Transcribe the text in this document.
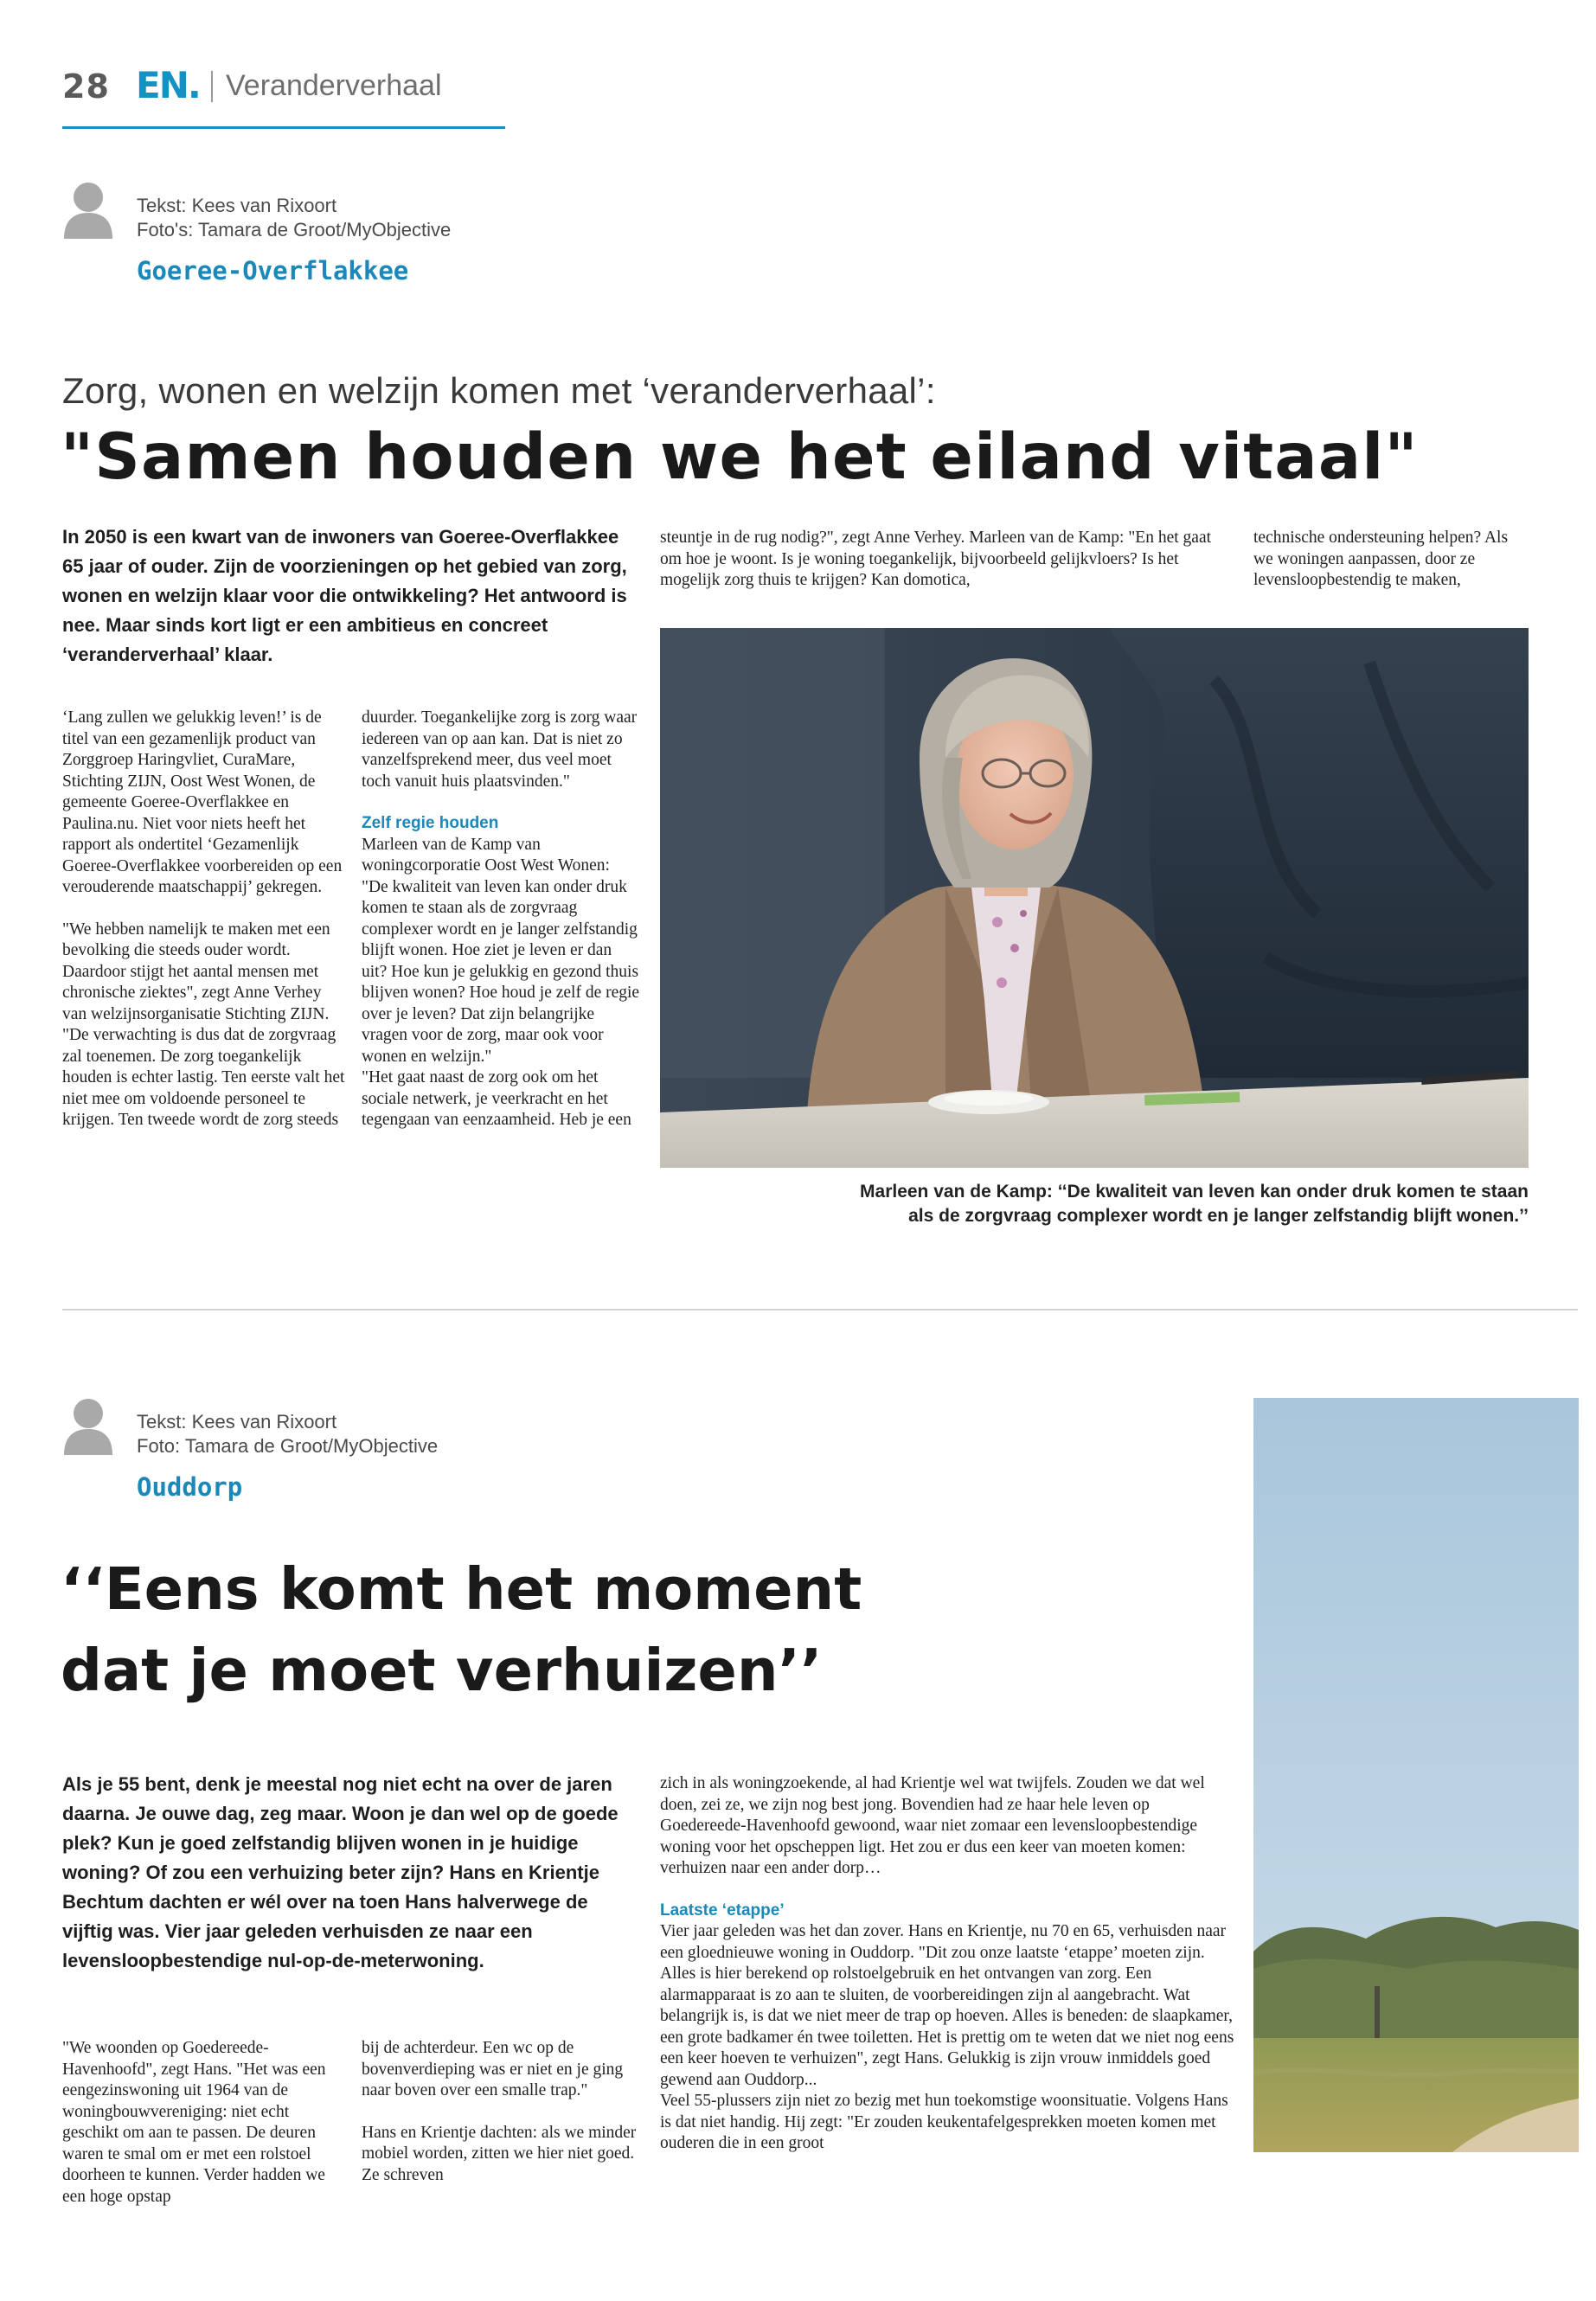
28 EN. Veranderverhaal
Tekst: Kees van Rixoort
Foto's: Tamara de Groot/MyObjective
Goeree-Overflakkee
Zorg, wonen en welzijn komen met ‘veranderverhaal’:
"Samen houden we het eiland vitaal"
In 2050 is een kwart van de inwoners van Goeree-Overflakkee 65 jaar of ouder. Zijn de voorzieningen op het gebied van zorg, wonen en welzijn klaar voor die ontwikkeling? Het antwoord is nee. Maar sinds kort ligt er een ambitieus en concreet ‘veranderverhaal’ klaar.

‘Lang zullen we gelukkig leven!’ is de titel van een gezamenlijk product van Zorggroep Haringvliet, CuraMare, Stichting ZIJN, Oost West Wonen, de gemeente Goeree-Overflakkee en Paulina.nu. Niet voor niets heeft het rapport als ondertitel ‘Gezamenlijk Goeree-Overflakkee voorbereiden op een verouderende maatschappij’ gekregen.

"We hebben namelijk te maken met een bevolking die steeds ouder wordt. Daardoor stijgt het aantal mensen met chronische ziektes", zegt Anne Verhey van welzijnsorganisatie Stichting ZIJN. "De verwachting is dus dat de zorgvraag zal toenemen. De zorg toegankelijk houden is echter lastig. Ten eerste valt het niet mee om voldoende personeel te krijgen. Ten tweede wordt de zorg steeds

duurder. Toegankelijke zorg is zorg waar iedereen van op aan kan. Dat is niet zo vanzelfsprekend meer, dus veel moet toch vanuit huis plaatsvinden."

Zelf regie houden

Marleen van de Kamp van woningcorporatie Oost West Wonen: "De kwaliteit van leven kan onder druk komen te staan als de zorgvraag complexer wordt en je langer zelfstandig blijft wonen. Hoe ziet je leven er dan uit? Hoe kun je gelukkig en gezond thuis blijven wonen? Hoe houd je zelf de regie over je leven? Dat zijn belangrijke vragen voor de zorg, maar ook voor wonen en welzijn."

"Het gaat naast de zorg ook om het sociale netwerk, je veerkracht en het tegengaan van eenzaamheid. Heb je een

steuntje in de rug nodig?", zegt Anne Verhey. Marleen van de Kamp: "En het gaat om hoe je woont. Is je woning toegankelijk, bijvoorbeeld gelijkvloers? Is het mogelijk zorg thuis te krijgen? Kan domotica,

technische ondersteuning helpen? Als we woningen aanpassen, door ze levensloopbestendig te maken,

Marleen van de Kamp: ‘‘De kwaliteit van leven kan onder druk komen te staan
als de zorgvraag complexer wordt en je langer zelfstandig blijft wonen.’’
Tekst: Kees van Rixoort
Foto: Tamara de Groot/MyObjective
Ouddorp
‘‘Eens komt het moment
dat je moet verhuizen’’
Als je 55 bent, denk je meestal nog niet echt na over de jaren daarna. Je ouwe dag, zeg maar. Woon je dan wel op de goede plek? Kun je goed zelfstandig blijven wonen in je huidige woning? Of zou een verhuizing beter zijn? Hans en Krientje Bechtum dachten er wél over na toen Hans halverwege de vijftig was. Vier jaar geleden verhuisden ze naar een levensloopbestendige nul-op-de-meterwoning.

"We woonden op Goedereede-Havenhoofd", zegt Hans. "Het was een eengezinswoning uit 1964 van de woningbouwvereniging: niet echt geschikt om aan te passen. De deuren waren te smal om er met een rolstoel doorheen te kunnen. Verder hadden we een hoge opstap

bij de achterdeur. Een wc op de bovenverdieping was er niet en je ging naar boven over een smalle trap."

Hans en Krientje dachten: als we minder mobiel worden, zitten we hier niet goed. Ze schreven

zich in als woningzoekende, al had Krientje wel wat twijfels. Zouden we dat wel doen, zei ze, we zijn nog best jong. Bovendien had ze haar hele leven op Goedereede-Havenhoofd gewoond, waar niet zomaar een levensloopbestendige woning voor het opscheppen ligt. Het zou er dus een keer van moeten komen: verhuizen naar een ander dorp…

Laatste ‘etappe’

Vier jaar geleden was het dan zover. Hans en Krientje, nu 70 en 65, verhuisden naar een gloednieuwe woning in Ouddorp. "Dit zou onze laatste ‘etappe’ moeten zijn. Alles is hier berekend op rolstoelgebruik en het ontvangen van zorg. Een alarmapparaat is zo aan te sluiten, de voorbereidingen zijn al aangebracht. Wat belangrijk is, is dat we niet meer de trap op hoeven. Alles is beneden: de slaapkamer, een grote badkamer én twee toiletten. Het is prettig om te weten dat we niet nog eens een keer hoeven te verhuizen", zegt Hans. Gelukkig is zijn vrouw inmiddels goed gewend aan Ouddorp...

Veel 55-plussers zijn niet zo bezig met hun toekomstige woonsituatie. Volgens Hans is dat niet handig. Hij zegt: "Er zouden keukentafelgesprekken moeten komen met ouderen die in een groot
